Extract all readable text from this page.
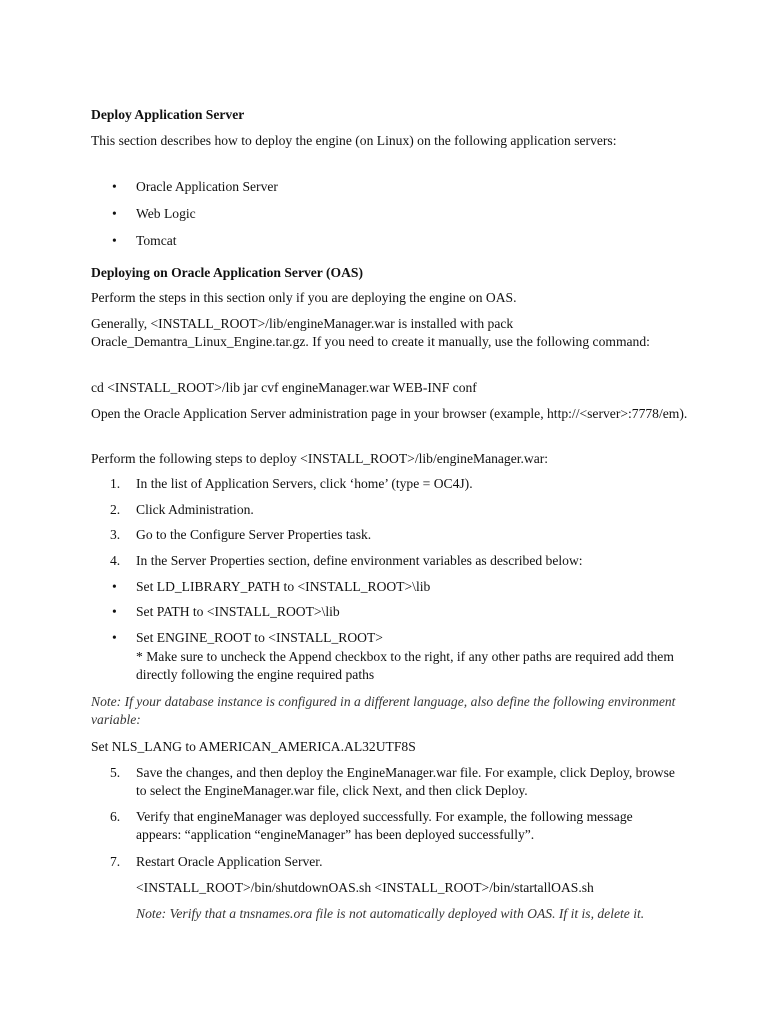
Deploy Application Server

This section describes how to deploy the engine (on Linux) on the following application servers:

•	Oracle Application Server
•	Web Logic
•	Tomcat

Deploying on Oracle Application Server (OAS)

Perform the steps in this section only if you are deploying the engine on OAS.

Generally, <INSTALL_ROOT>/lib/engineManager.war is installed with pack Oracle_Demantra_Linux_Engine.tar.gz. If you need to create it manually, use the following command:

cd <INSTALL_ROOT>/lib jar cvf engineManager.war WEB-INF conf

Open the Oracle Application Server administration page in your browser (example, http://<server>:7778/em).

Perform the following steps to deploy <INSTALL_ROOT>/lib/engineManager.war:

1.	In the list of Application Servers, click ‘home’ (type = OC4J).
2.	Click Administration.
3.	Go to the Configure Server Properties task.
4.	In the Server Properties section, define environment variables as described below:
•	Set LD_LIBRARY_PATH to <INSTALL_ROOT>\lib
•	Set PATH to <INSTALL_ROOT>\lib
•	Set ENGINE_ROOT to <INSTALL_ROOT>

* Make sure to uncheck the Append checkbox to the right, if any other paths are required add them directly following the engine required paths

Note: If your database instance is configured in a different language, also define the following environment variable:

Set NLS_LANG to AMERICAN_AMERICA.AL32UTF8S

5.	Save the changes, and then deploy the EngineManager.war file. For example, click Deploy, browse to select the EngineManager.war file, click Next, and then click Deploy.
6.	Verify that engineManager was deployed successfully. For example, the following message appears: “application “engineManager” has been deployed successfully”.
7.	Restart Oracle Application Server.

<INSTALL_ROOT>/bin/shutdownOAS.sh <INSTALL_ROOT>/bin/startallOAS.sh

Note: Verify that a tnsnames.ora file is not automatically deployed with OAS. If it is, delete it.
